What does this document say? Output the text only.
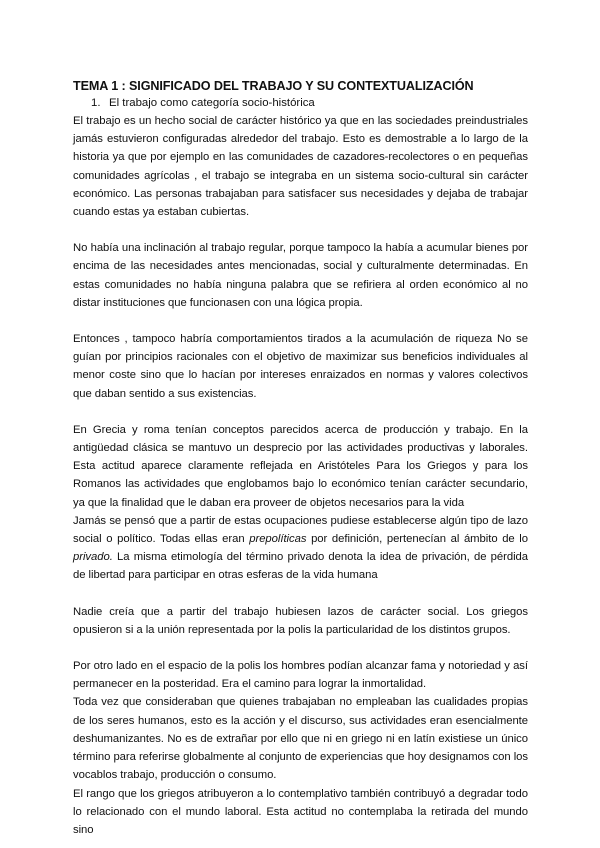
TEMA 1 : SIGNIFICADO DEL TRABAJO Y SU CONTEXTUALIZACIÓN
1. El trabajo como categoría socio-histórica

El trabajo es un hecho social de carácter histórico ya que en las sociedades preindustriales jamás estuvieron configuradas alrededor del trabajo. Esto es demostrable a lo largo de la historia ya que por ejemplo en las comunidades de cazadores-recolectores o en pequeñas comunidades agrícolas , el trabajo se integraba en un sistema socio-cultural sin carácter económico. Las personas trabajaban para satisfacer sus necesidades y dejaba de trabajar cuando estas ya estaban cubiertas.

No había una inclinación al trabajo regular, porque tampoco la había a acumular bienes por encima de las necesidades antes mencionadas, social y culturalmente determinadas. En estas comunidades no había ninguna palabra que se refiriera al orden económico al no distar instituciones que funcionasen con una lógica propia.

Entonces , tampoco habría comportamientos tirados a la acumulación de riqueza No se guían por principios racionales con el objetivo de maximizar sus beneficios individuales al menor coste sino que lo hacían por intereses enraizados en normas y valores colectivos que daban sentido a sus existencias.

En Grecia y roma tenían conceptos parecidos acerca de producción y trabajo. En la antigüedad clásica se mantuvo un desprecio por las actividades productivas y laborales. Esta actitud aparece claramente reflejada en Aristóteles Para los Griegos y para los Romanos las actividades que englobamos bajo lo económico tenían carácter secundario, ya que la finalidad que le daban era proveer de objetos necesarios para la vida

Jamás se pensó que a partir de estas ocupaciones pudiese establecerse algún tipo de lazo social o político. Todas ellas eran prepolíticas por definición, pertenecían al ámbito de lo privado. La misma etimología del término privado denota la idea de privación, de pérdida de libertad para participar en otras esferas de la vida humana

Nadie creía que a partir del trabajo hubiesen lazos de carácter social. Los griegos opusieron si a la unión representada por la polis la particularidad de los distintos grupos.

Por otro lado en el espacio de la polis los hombres podían alcanzar fama y notoriedad y así permanecer en la posteridad. Era el camino para lograr la inmortalidad.

Toda vez que consideraban que quienes trabajaban no empleaban las cualidades propias de los seres humanos, esto es la acción y el discurso, sus actividades eran esencialmente deshumanizantes. No es de extrañar por ello que ni en griego ni en latín existiese un único término para referirse globalmente al conjunto de experiencias que hoy designamos con los vocablos trabajo, producción o consumo.

El rango que los griegos atribuyeron a lo contemplativo también contribuyó a degradar todo lo relacionado con el mundo laboral. Esta actitud no contemplaba la retirada del mundo sino
